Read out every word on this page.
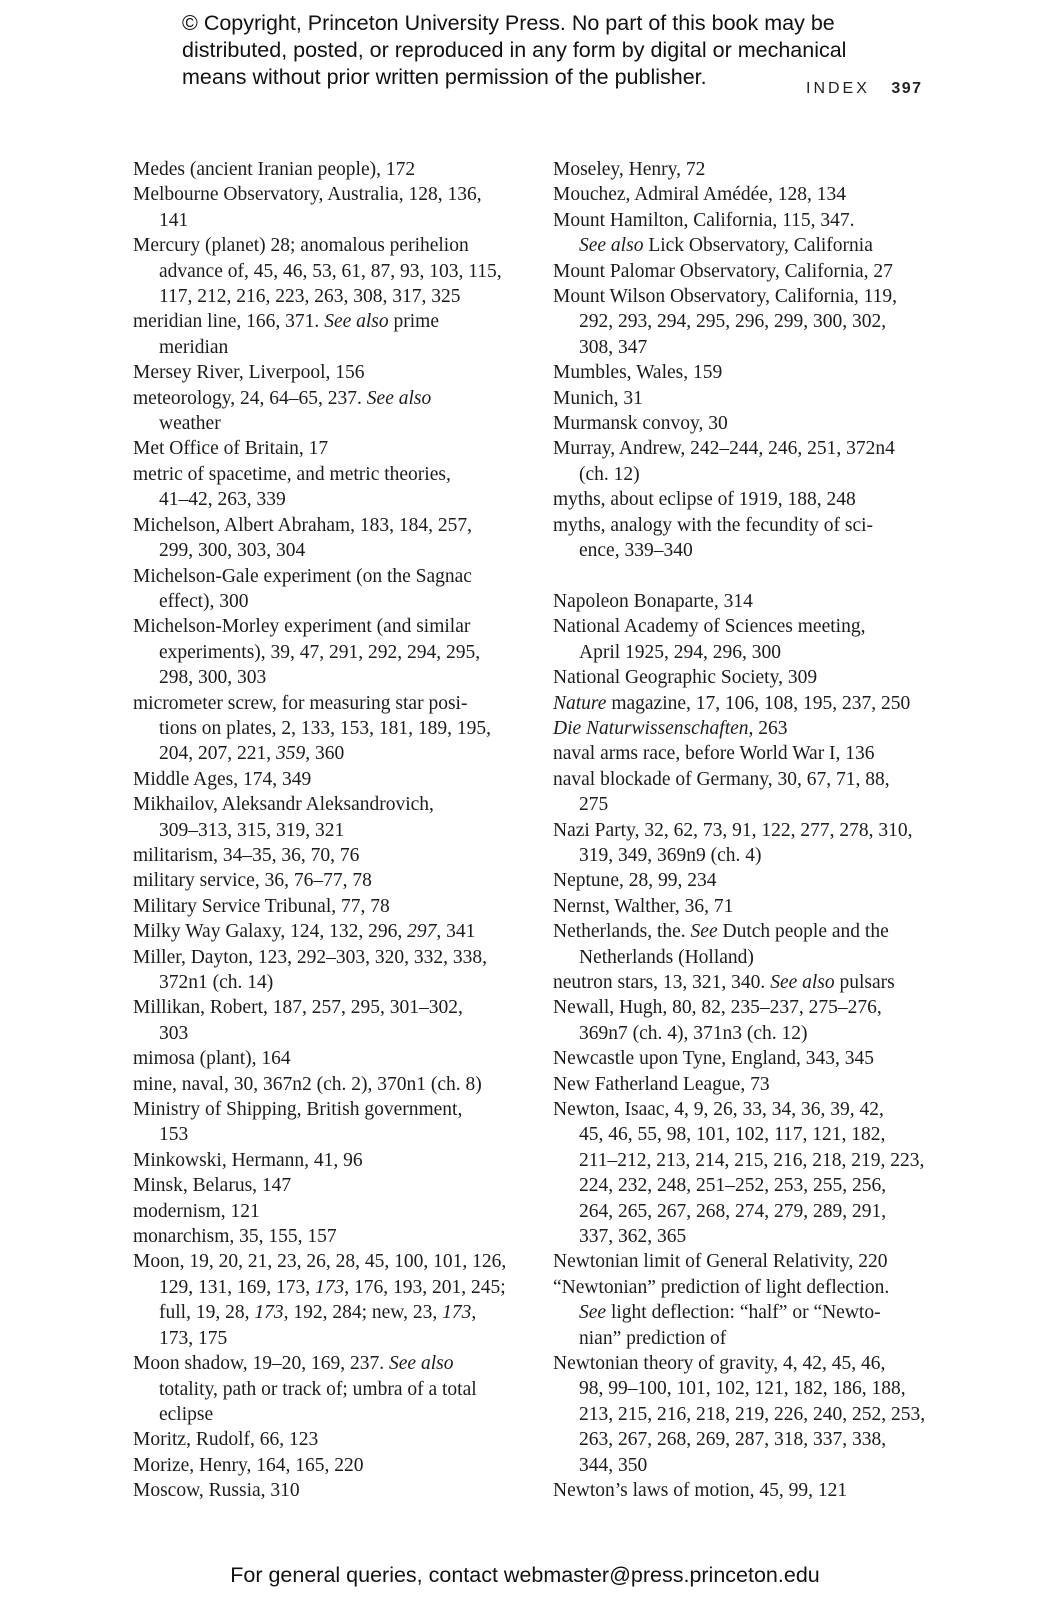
© Copyright, Princeton University Press. No part of this book may be
distributed, posted, or reproduced in any form by digital or mechanical
means without prior written permission of the publisher.	INDEX 397
Medes (ancient Iranian people), 172
Melbourne Observatory, Australia, 128, 136,
141
Mercury (planet) 28; anomalous perihelion
advance of, 45, 46, 53, 61, 87, 93, 103, 115,
117, 212, 216, 223, 263, 308, 317, 325
meridian line, 166, 371. See also prime
meridian
Mersey River, Liverpool, 156
meteorology, 24, 64–65, 237. See also
weather
Met Office of Britain, 17
metric of spacetime, and metric theories,
41–42, 263, 339
Michelson, Albert Abraham, 183, 184, 257,
299, 300, 303, 304
Michelson-Gale experiment (on the Sagnac
effect), 300
Michelson-Morley experiment (and similar
experiments), 39, 47, 291, 292, 294, 295,
298, 300, 303
micrometer screw, for measuring star posi-
tions on plates, 2, 133, 153, 181, 189, 195,
204, 207, 221, 359, 360
Middle Ages, 174, 349
Mikhailov, Aleksandr Aleksandrovich,
309–313, 315, 319, 321
militarism, 34–35, 36, 70, 76
military service, 36, 76–77, 78
Military Service Tribunal, 77, 78
Milky Way Galaxy, 124, 132, 296, 297, 341
Miller, Dayton, 123, 292–303, 320, 332, 338,
372n1 (ch. 14)
Millikan, Robert, 187, 257, 295, 301–302,
303
mimosa (plant), 164
mine, naval, 30, 367n2 (ch. 2), 370n1 (ch. 8)
Ministry of Shipping, British government,
153
Minkowski, Hermann, 41, 96
Minsk, Belarus, 147
modernism, 121
monarchism, 35, 155, 157
Moon, 19, 20, 21, 23, 26, 28, 45, 100, 101, 126,
129, 131, 169, 173, 173, 176, 193, 201, 245;
full, 19, 28, 173, 192, 284; new, 23, 173,
173, 175
Moon shadow, 19–20, 169, 237. See also
totality, path or track of; umbra of a total
eclipse
Moritz, Rudolf, 66, 123
Morize, Henry, 164, 165, 220
Moscow, Russia, 310
Moseley, Henry, 72
Mouchez, Admiral Amédée, 128, 134
Mount Hamilton, California, 115, 347.
See also Lick Observatory, California
Mount Palomar Observatory, California, 27
Mount Wilson Observatory, California, 119,
292, 293, 294, 295, 296, 299, 300, 302,
308, 347
Mumbles, Wales, 159
Munich, 31
Murmansk convoy, 30
Murray, Andrew, 242–244, 246, 251, 372n4
(ch. 12)
myths, about eclipse of 1919, 188, 248
myths, analogy with the fecundity of sci-
ence, 339–340
Napoleon Bonaparte, 314
National Academy of Sciences meeting,
April 1925, 294, 296, 300
National Geographic Society, 309
Nature magazine, 17, 106, 108, 195, 237, 250
Die Naturwissenschaften, 263
naval arms race, before World War I, 136
naval blockade of Germany, 30, 67, 71, 88,
275
Nazi Party, 32, 62, 73, 91, 122, 277, 278, 310,
319, 349, 369n9 (ch. 4)
Neptune, 28, 99, 234
Nernst, Walther, 36, 71
Netherlands, the. See Dutch people and the
Netherlands (Holland)
neutron stars, 13, 321, 340. See also pulsars
Newall, Hugh, 80, 82, 235–237, 275–276,
369n7 (ch. 4), 371n3 (ch. 12)
Newcastle upon Tyne, England, 343, 345
New Fatherland League, 73
Newton, Isaac, 4, 9, 26, 33, 34, 36, 39, 42,
45, 46, 55, 98, 101, 102, 117, 121, 182,
211–212, 213, 214, 215, 216, 218, 219, 223,
224, 232, 248, 251–252, 253, 255, 256,
264, 265, 267, 268, 274, 279, 289, 291,
337, 362, 365
Newtonian limit of General Relativity, 220
“Newtonian” prediction of light deflection.
See light deflection: “half” or “Newto-
nian” prediction of
Newtonian theory of gravity, 4, 42, 45, 46,
98, 99–100, 101, 102, 121, 182, 186, 188,
213, 215, 216, 218, 219, 226, 240, 252, 253,
263, 267, 268, 269, 287, 318, 337, 338,
344, 350
Newton’s laws of motion, 45, 99, 121
For general queries, contact webmaster@press.princeton.edu
